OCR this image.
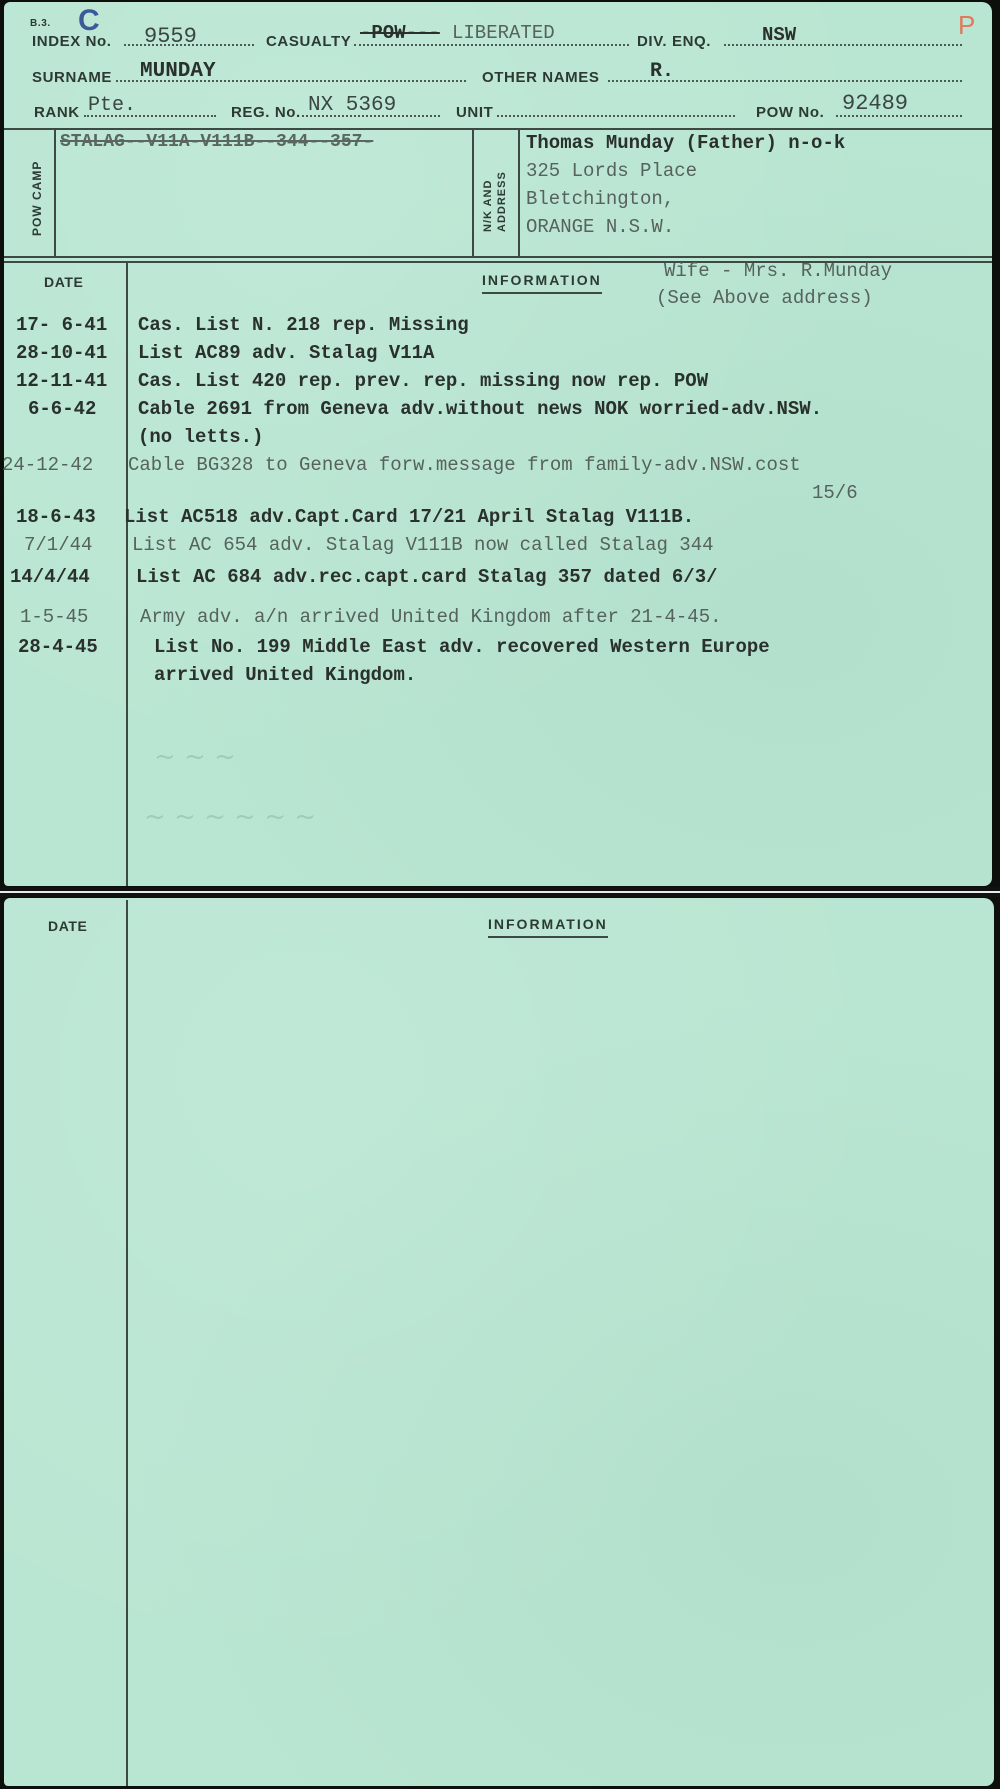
B.3. C	P
INDEX No. 9559	CASUALTY -POW--- LIBERATED	DIV. ENQ.	NSW
SURNAME MUNDAY	OTHER NAMES	R.
RANK Pte.	REG. No. NX 5369	UNIT	POW No. 92489
POW CAMP
STALAG--V11A-V111B--344--357-
N/K AND ADDRESS
Thomas Munday (Father) n-o-k
325 Lords Place
Bletchington,
ORANGE N.S.W.
DATE	INFORMATION	Wife - Mrs. R.Munday
(See Above address)
17- 6-41 Cas. List N. 218 rep. Missing
28-10-41 List AC89 adv. Stalag V11A
12-11-41 Cas. List 420 rep. prev. rep. missing now rep. POW
6-6-42 Cable 2691 from Geneva adv.without news NOK worried-adv.NSW.
(no letts.)
24-12-42 Cable BG328 to Geneva forw.message from family-adv.NSW.cost
15/6
18-6-43 List AC518 adv.Capt.Card 17/21 April Stalag V111B.
7/1/44 List AC 654 adv. Stalag V111B now called Stalag 344
14/4/44 List AC 684 adv.rec.capt.card Stalag 357 dated 6/3/
1-5-45	Army adv. a/n arrived United Kingdom after 21-4-45.
28-4-45	List No. 199 Middle East adv. recovered Western Europe
arrived United Kingdom.
~ ~ ~
~ ~ ~ ~ ~ ~
DATE	INFORMATION
